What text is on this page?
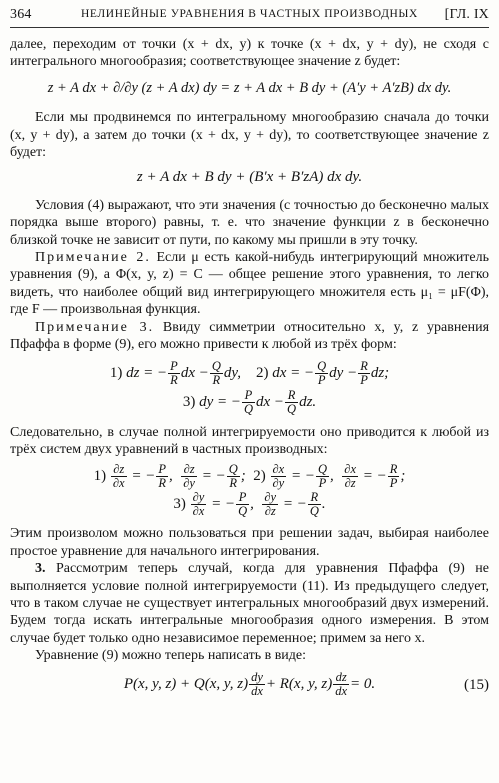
364	НЕЛИНЕЙНЫЕ УРАВНЕНИЯ В ЧАСТНЫХ ПРОИЗВОДНЫХ	[ГЛ. IX

далее, переходим от точки (x + dx, y) к точке (x + dx, y + dy), не сходя с интегрального многообразия; соответствующее значение z будет:

z + A dx + ∂/∂y (z + A dx) dy = z + A dx + B dy + (A′y + A′zB) dx dy.

Если мы продвинемся по интегральному многообразию сначала до точки (x, y + dy), а затем до точки (x + dx, y + dy), то соответствующее значение z будет:

z + A dx + B dy + (B′x + B′zA) dx dy.

Условия (4) выражают, что эти значения (с точностью до бесконечно малых порядка выше второго) равны, т. е. что значение функции z в бесконечно близкой точке не зависит от пути, по какому мы пришли в эту точку.

Примечание 2. Если μ есть какой-нибудь интегрирующий множитель уравнения (9), а Φ(x, y, z) = C — общее решение этого уравнения, то легко видеть, что наиболее общий вид интегрирующего множителя есть μ₁ = μF(Φ), где F — произвольная функция.

Примечание 3. Ввиду симметрии относительно x, y, z уравнения Пфаффа в форме (9), его можно привести к любой из трёх форм:

1) dz = − $\frac{P}{R}$ dx − $\frac{Q}{R}$ dy, 2) dx = − $\frac{Q}{P}$ dy − $\frac{R}{P}$ dz;
3) dy = − $\frac{P}{Q}$ dx − $\frac{R}{Q}$ dz.

Следовательно, в случае полной интегрируемости оно приводится к любой из трёх систем двух уравнений в частных производных:

$1) \frac{\partial z}{\partial x}$ = − $\frac{P}{R}$ , $\frac{\partial z}{\partial y}$ = − $\frac{Q}{R}$ ;  $2) \frac{\partial x}{\partial y}$ = − $\frac{Q}{P}$ , $\frac{\partial x}{\partial z}$ = − $\frac{R}{P}$ ;
$3) \frac{\partial y}{\partial x}$ = − $\frac{P}{Q}$ , $\frac{\partial y}{\partial z}$ = − $\frac{R}{Q}$ .

Этим произволом можно пользоваться при решении задач, выбирая наиболее простое уравнение для начального интегрирования.

3. Рассмотрим теперь случай, когда для уравнения Пфаффа (9) не выполняется условие полной интегрируемости (11). Из предыдущего следует, что в таком случае не существует интегральных многообразий двух измерений. Будем тогда искать интегральные многообразия одного измерения. В этом случае будет только одно независимое переменное; примем за него x.

Уравнение (9) можно теперь написать в виде:

P(x, y, z) + Q(x, y, $z) \frac{dy}{dx} + R(x$, y, $z) \frac{dz}{dx} = 0$.	(15)
